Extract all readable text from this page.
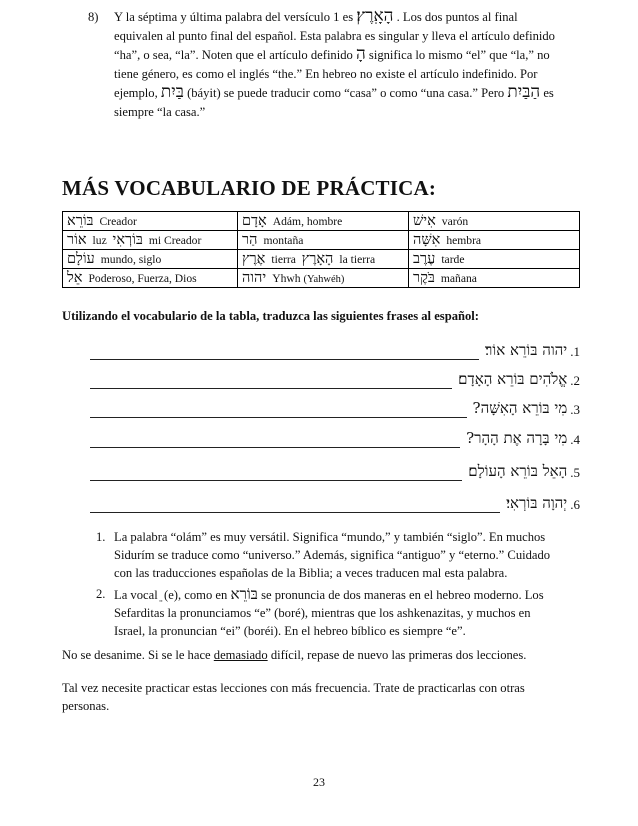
8) Y la séptima y última palabra del versículo 1 es הָאָֽרֶץ׃ . Los dos puntos al final equivalen al punto final del español. Esta palabra es singular y lleva el artículo definido “ha”, o sea, “la”. Noten que el artículo definido הָ significa lo mismo “el” que “la,” no tiene género, es como el inglés “the.” En hebreo no existe el artículo indefinido. Por ejemplo, בַּיִת (báyit) se puede traducir como “casa” o como “una casa.” Pero הַבַּיִת es siempre “la casa.”
MÁS VOCABULARIO DE PRÁCTICA:
בּוֹרֵא Creador	אָדָם Adám, hombre	אִישׁ varón
אוֹר luz בּוֹרְאִי mi Creador	הַר montaña	אִשָּׁה hembra
עוֹלָם mundo, siglo	אֶרֶץ tierra הָאָרֶץ la tierra	עֶרֶב tarde
אֵל Poderoso, Fuerza, Dios	יהוה Yhwh (Yahwéh)	בֹּקֶר mañana
Utilizando el vocabulario de la tabla, traduzca las siguientes frases al español:
יהוה בּוֹרֵא אוֹר׃ .1
אֱלֹהִים בּוֹרֵא הָאָדָם׃ .2
מִי בּוֹרֵא הָאִשָּׁה? .3
מִי בָּרָה אֶת הָהָר? .4
הָאֵל בּוֹרֵא הָעוֹלָם׃ .5
יְהוָה בּוֹרְאִי׃ .6
1. La palabra “olám” es muy versátil. Significa “mundo,” y también “siglo”. En muchos Sidurím se traduce como “universo.” Además, significa “antiguo” y “eterno.” Cuidado con las traducciones españolas de la Biblia; a veces traducen mal esta palabra.
2. La vocal (e), como en בּוֹרֵא se pronuncia de dos maneras en el hebreo moderno. Los Sefarditas la pronunciamos “e” (boré), mientras que los ashkenazitas, y muchos en Israel, la pronuncian “ei” (boréi). En el hebreo bíblico es siempre “e”.
No se desanime. Si se le hace demasiado difícil, repase de nuevo las primeras dos lecciones.
Tal vez necesite practicar estas lecciones con más frecuencia. Trate de practicarlas con otras personas.
23
